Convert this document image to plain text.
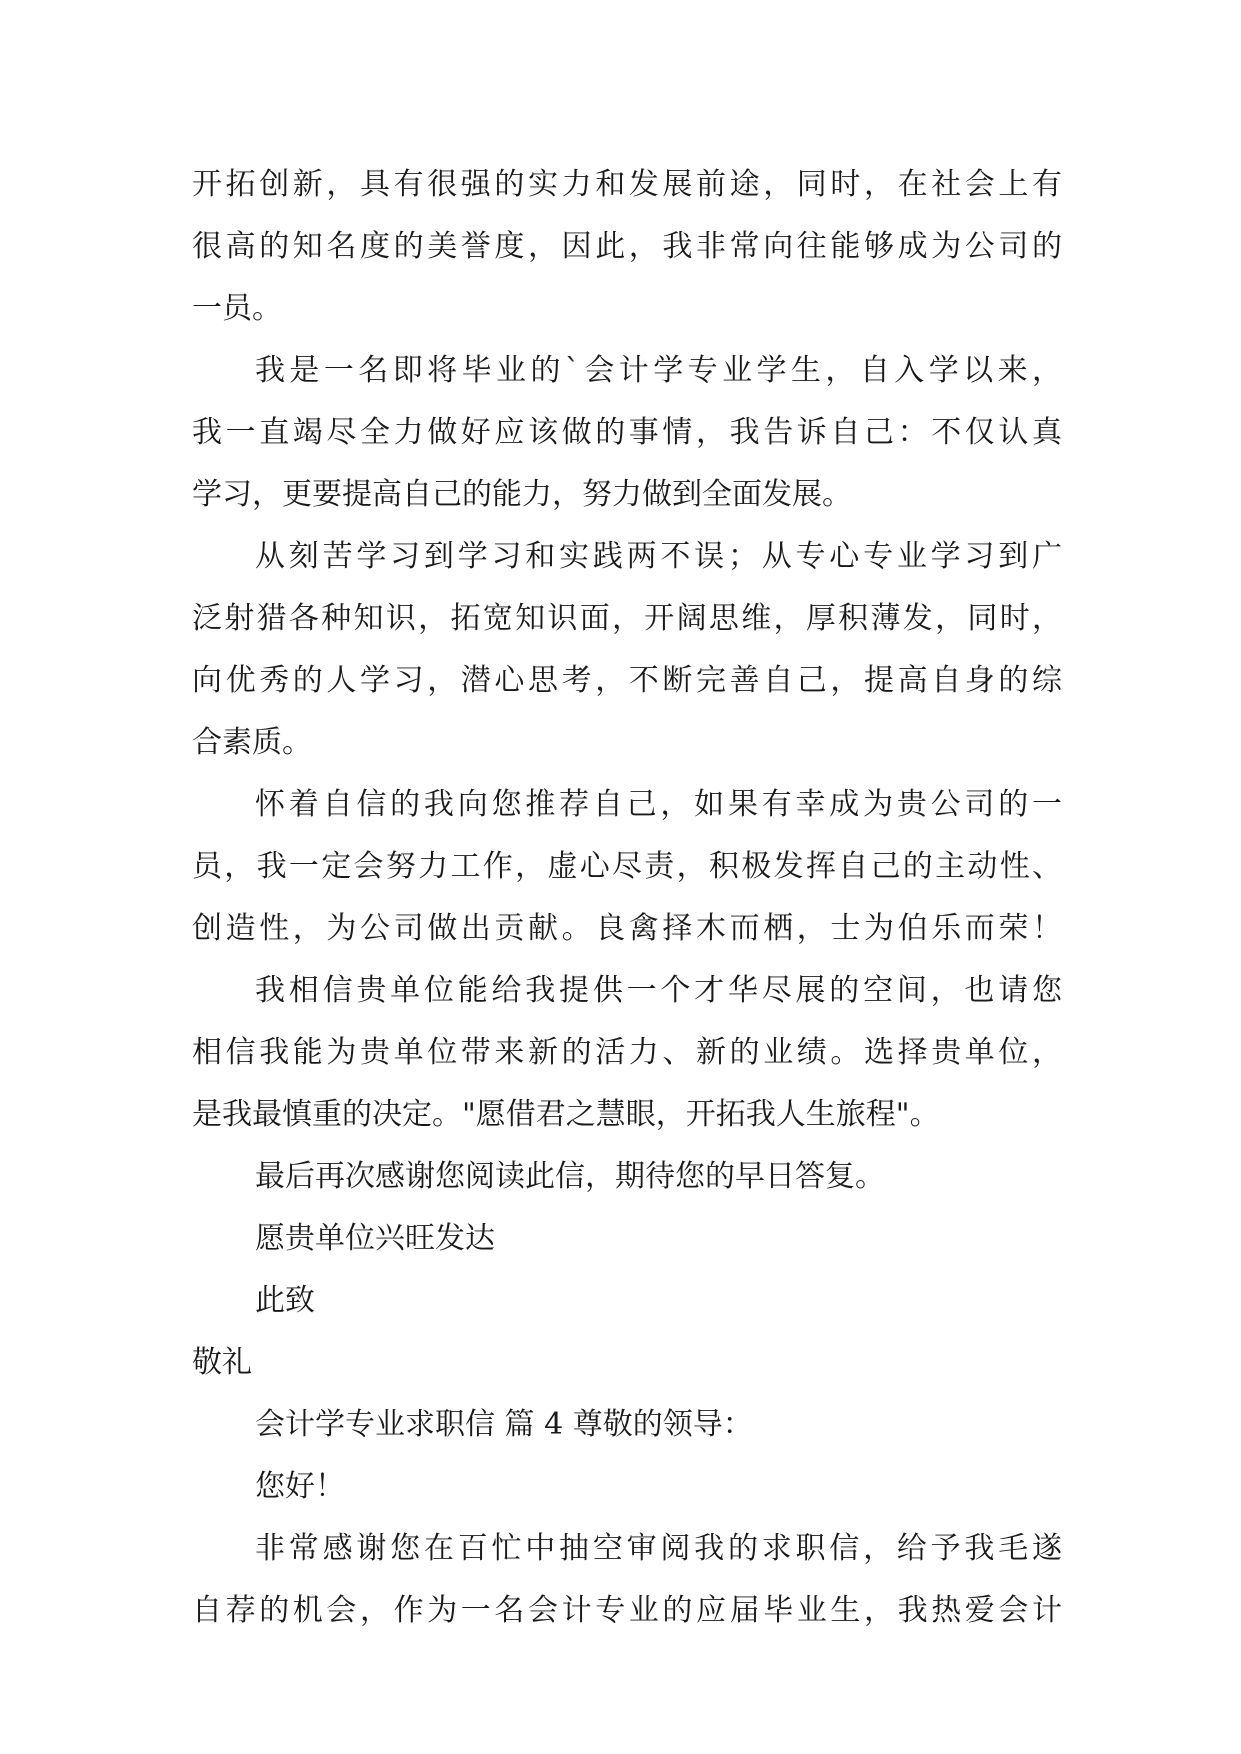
开拓创新，具有很强的实力和发展前途，同时，在社会上有
很高的知名度的美誉度，因此，我非常向往能够成为公司的
一员。
我是一名即将毕业的`会计学专业学生，自入学以来，
我一直竭尽全力做好应该做的事情，我告诉自己：不仅认真
学习，更要提高自己的能力，努力做到全面发展。
从刻苦学习到学习和实践两不误；从专心专业学习到广
泛射猎各种知识，拓宽知识面，开阔思维，厚积薄发，同时，
向优秀的人学习，潜心思考，不断完善自己，提高自身的综
合素质。
怀着自信的我向您推荐自己，如果有幸成为贵公司的一
员，我一定会努力工作，虚心尽责，积极发挥自己的主动性、
创造性，为公司做出贡献。良禽择木而栖，士为伯乐而荣！
我相信贵单位能给我提供一个才华尽展的空间，也请您
相信我能为贵单位带来新的活力、新的业绩。选择贵单位，
是我最慎重的决定。"愿借君之慧眼，开拓我人生旅程"。
最后再次感谢您阅读此信，期待您的早日答复。
愿贵单位兴旺发达
此致
敬礼
会计学专业求职信 篇 4 尊敬的领导：
您好！
非常感谢您在百忙中抽空审阅我的求职信，给予我毛遂
自荐的机会，作为一名会计专业的应届毕业生，我热爱会计
